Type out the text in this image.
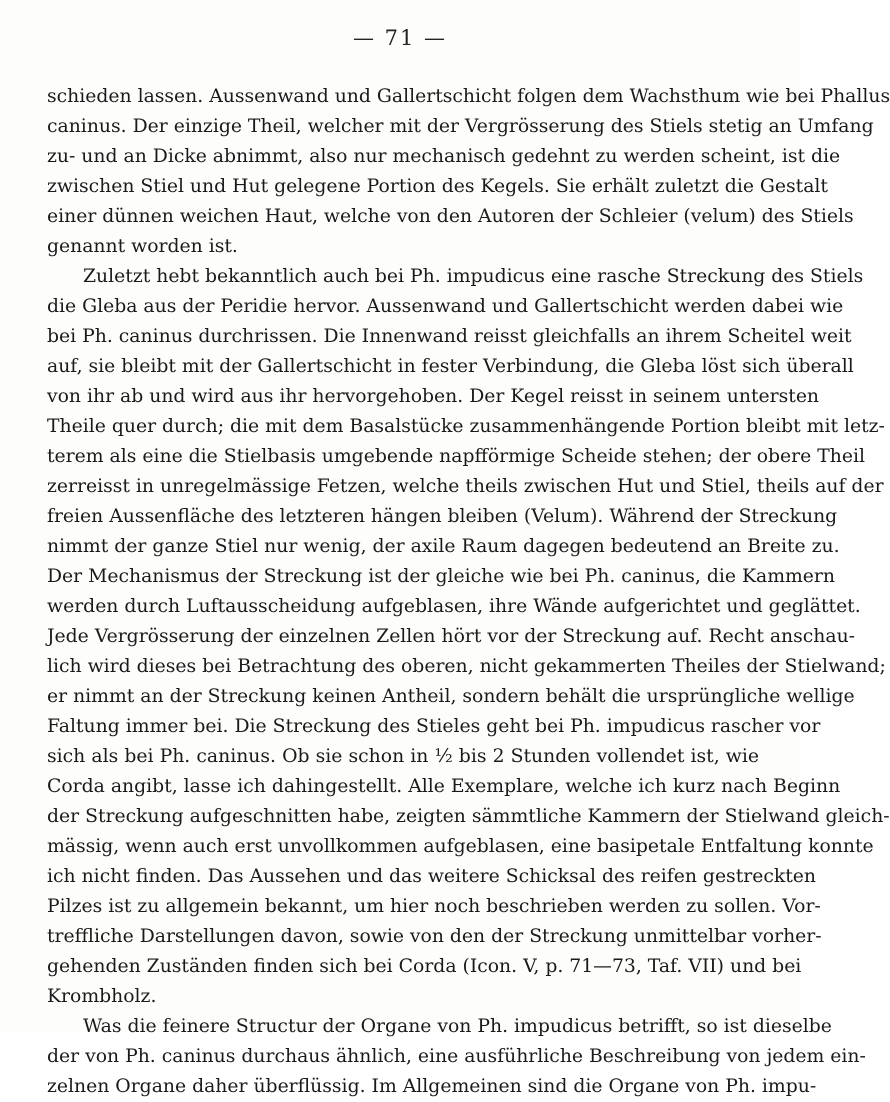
— 71 —
schieden lassen. Aussenwand und Gallertschicht folgen dem Wachsthum wie bei Phallus
caninus. Der einzige Theil, welcher mit der Vergrösserung des Stiels stetig an Umfang
zu- und an Dicke abnimmt, also nur mechanisch gedehnt zu werden scheint, ist die
zwischen Stiel und Hut gelegene Portion des Kegels. Sie erhält zuletzt die Gestalt
einer dünnen weichen Haut, welche von den Autoren der Schleier (velum) des Stiels
genannt worden ist.
Zuletzt hebt bekanntlich auch bei Ph. impudicus eine rasche Streckung des Stiels
die Gleba aus der Peridie hervor. Aussenwand und Gallertschicht werden dabei wie
bei Ph. caninus durchrissen. Die Innenwand reisst gleichfalls an ihrem Scheitel weit
auf, sie bleibt mit der Gallertschicht in fester Verbindung, die Gleba löst sich überall
von ihr ab und wird aus ihr hervorgehoben. Der Kegel reisst in seinem untersten
Theile quer durch; die mit dem Basalstücke zusammenhängende Portion bleibt mit letz-
terem als eine die Stielbasis umgebende napfförmige Scheide stehen; der obere Theil
zerreisst in unregelmässige Fetzen, welche theils zwischen Hut und Stiel, theils auf der
freien Aussenfläche des letzteren hängen bleiben (Velum). Während der Streckung
nimmt der ganze Stiel nur wenig, der axile Raum dagegen bedeutend an Breite zu.
Der Mechanismus der Streckung ist der gleiche wie bei Ph. caninus, die Kammern
werden durch Luftausscheidung aufgeblasen, ihre Wände aufgerichtet und geglättet.
Jede Vergrösserung der einzelnen Zellen hört vor der Streckung auf. Recht anschau-
lich wird dieses bei Betrachtung des oberen, nicht gekammerten Theiles der Stielwand;
er nimmt an der Streckung keinen Antheil, sondern behält die ursprüngliche wellige
Faltung immer bei. Die Streckung des Stieles geht bei Ph. impudicus rascher vor
sich als bei Ph. caninus. Ob sie schon in ½ bis 2 Stunden vollendet ist, wie
Corda angibt, lasse ich dahingestellt. Alle Exemplare, welche ich kurz nach Beginn
der Streckung aufgeschnitten habe, zeigten sämmtliche Kammern der Stielwand gleich-
mässig, wenn auch erst unvollkommen aufgeblasen, eine basipetale Entfaltung konnte
ich nicht finden. Das Aussehen und das weitere Schicksal des reifen gestreckten
Pilzes ist zu allgemein bekannt, um hier noch beschrieben werden zu sollen. Vor-
treffliche Darstellungen davon, sowie von den der Streckung unmittelbar vorher-
gehenden Zuständen finden sich bei Corda (Icon. V, p. 71—73, Taf. VII) und bei
Krombholz.
Was die feinere Structur der Organe von Ph. impudicus betrifft, so ist dieselbe
der von Ph. caninus durchaus ähnlich, eine ausführliche Beschreibung von jedem ein-
zelnen Organe daher überflüssig. Im Allgemeinen sind die Organe von Ph. impu-
